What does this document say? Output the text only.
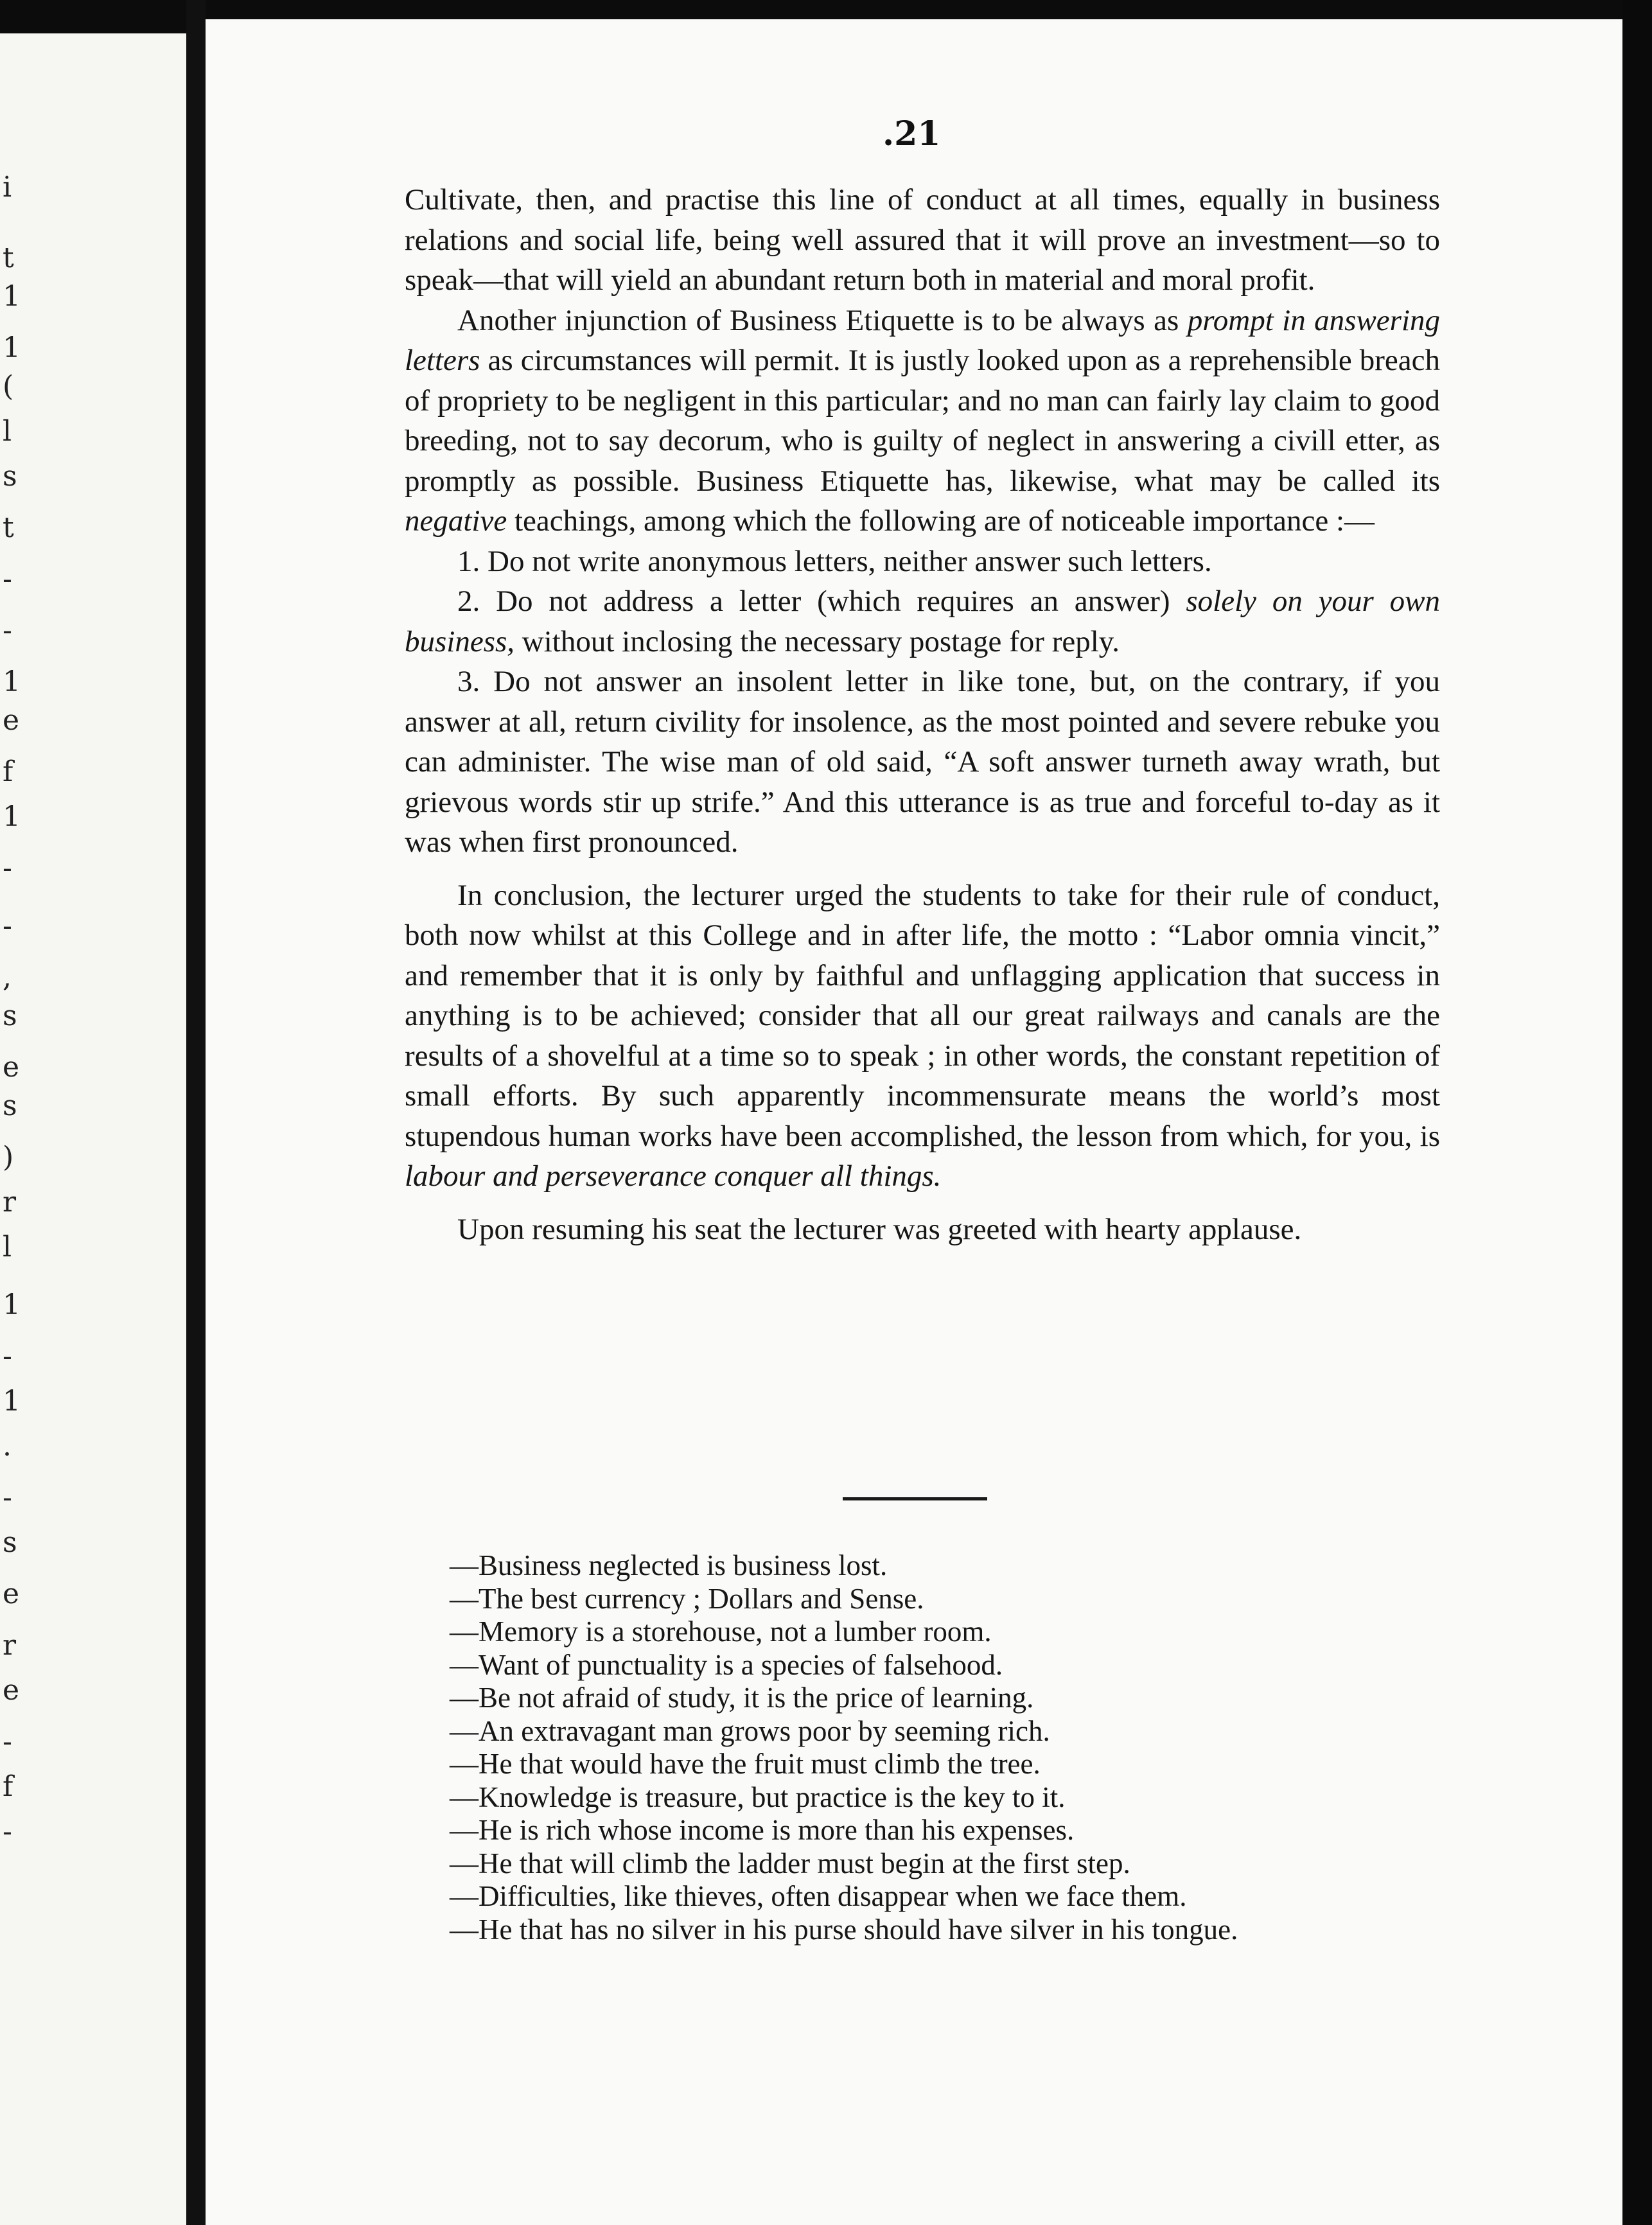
i
t
1
1
(
l
s
t
-
-
1
e
f
1
-
-
,
s
e
s
)
r
l
1
-
1
.
-
s
e
r
e
-
f
-
.21

Cultivate, then, and practise this line of conduct at all times, equally in business relations and social life, being well assured that it will prove an investment—so to speak—that will yield an abundant return both in material and moral profit.

Another injunction of Business Etiquette is to be always as prompt in answering letters as circumstances will permit. It is justly looked upon as a reprehensible breach of propriety to be negligent in this particular; and no man can fairly lay claim to good breeding, not to say decorum, who is guilty of neglect in answering a civill etter, as promptly as possible. Business Etiquette has, likewise, what may be called its negative teachings, among which the following are of noticeable importance :—

1. Do not write anonymous letters, neither answer such letters.

2. Do not address a letter (which requires an answer) solely on your own business, without inclosing the necessary postage for reply.

3. Do not answer an insolent letter in like tone, but, on the contrary, if you answer at all, return civility for insolence, as the most pointed and severe rebuke you can administer. The wise man of old said, “A soft answer turneth away wrath, but grievous words stir up strife.” And this utterance is as true and forceful to-day as it was when first pronounced.

In conclusion, the lecturer urged the students to take for their rule of conduct, both now whilst at this College and in after life, the motto : “Labor omnia vincit,” and remember that it is only by faithful and unflagging application that success in anything is to be achieved; consider that all our great railways and canals are the results of a shovelful at a time so to speak ; in other words, the constant repetition of small efforts. By such apparently incommensurate means the world’s most stupendous human works have been accomplished, the lesson from which, for you, is labour and perseverance conquer all things.

Upon resuming his seat the lecturer was greeted with hearty applause.

—Business neglected is business lost.
—The best currency ; Dollars and Sense.
—Memory is a storehouse, not a lumber room.
—Want of punctuality is a species of falsehood.
—Be not afraid of study, it is the price of learning.
—An extravagant man grows poor by seeming rich.
—He that would have the fruit must climb the tree.
—Knowledge is treasure, but practice is the key to it.
—He is rich whose income is more than his expenses.
—He that will climb the ladder must begin at the first step.
—Difficulties, like thieves, often disappear when we face them.
—He that has no silver in his purse should have silver in his tongue.
